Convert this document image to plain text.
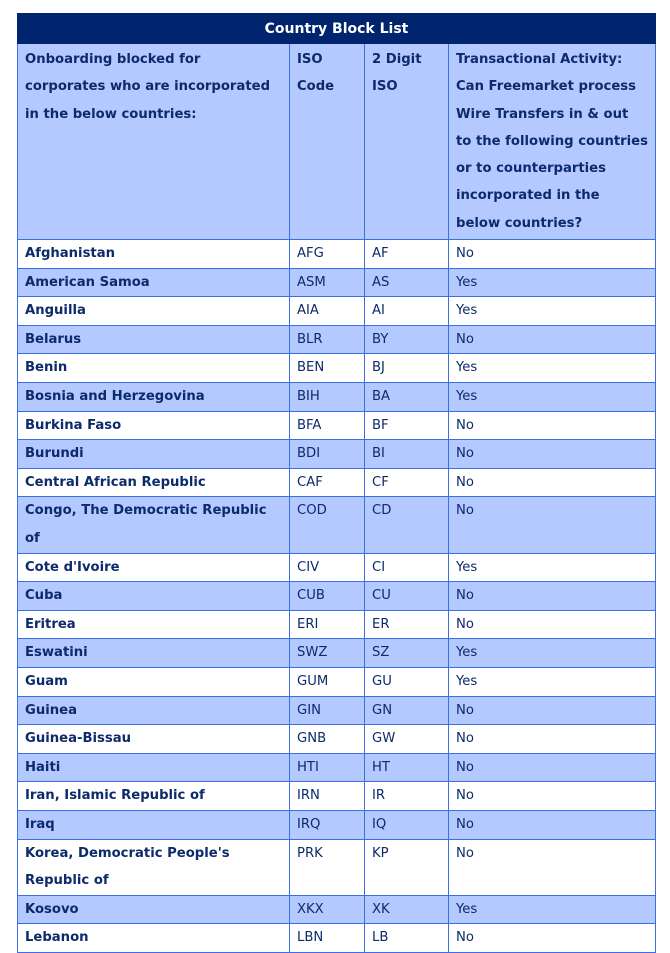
Country Block List			
Onboarding blocked for corporates who are incorporated in the below countries:	ISO Code	2 Digit ISO	Transactional Activity: Can Freemarket process Wire Transfers in & out to the following countries or to counterparties incorporated in the below countries?
Afghanistan	AFG	AF	No
American Samoa	ASM	AS	Yes
Anguilla	AIA	AI	Yes
Belarus	BLR	BY	No
Benin	BEN	BJ	Yes
Bosnia and Herzegovina	BIH	BA	Yes
Burkina Faso	BFA	BF	No
Burundi	BDI	BI	No
Central African Republic	CAF	CF	No
Congo, The Democratic Republic of	COD	CD	No
Cote d'Ivoire	CIV	CI	Yes
Cuba	CUB	CU	No
Eritrea	ERI	ER	No
Eswatini	SWZ	SZ	Yes
Guam	GUM	GU	Yes
Guinea	GIN	GN	No
Guinea-Bissau	GNB	GW	No
Haiti	HTI	HT	No
Iran, Islamic Republic of	IRN	IR	No
Iraq	IRQ	IQ	No
Korea, Democratic People's Republic of	PRK	KP	No
Kosovo	XKX	XK	Yes
Lebanon	LBN	LB	No
